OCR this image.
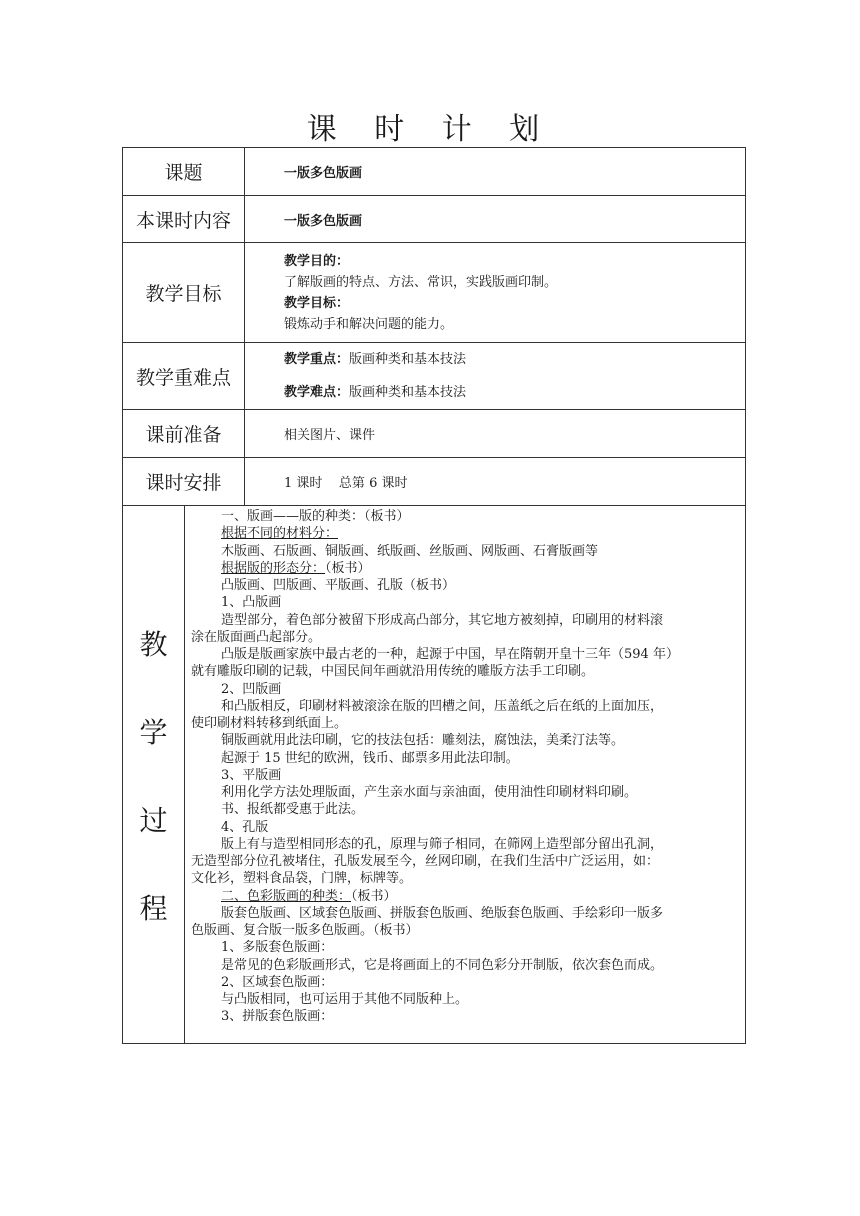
课 时 计 划
课题	一版多色版画
本课时内容	一版多色版画
教学目标	教学目的：
了解版画的特点、方法、常识，实践版画印制。
教学目标：
锻炼动手和解决问题的能力。

教学重难点	教学重点：版画种类和基本技法
教学难点：版画种类和基本技法

课前准备	相关图片、课件
课时安排	1 课时    总第 6 课时
教
学
过
程
一、版画——版的种类：（板书）
根据不同的材料分：
木版画、石版画、铜版画、纸版画、丝版画、网版画、石膏版画等
根据版的形态分：（板书）
凸版画、凹版画、平版画、孔版（板书）
1、凸版画
造型部分，着色部分被留下形成高凸部分，其它地方被刻掉，印刷用的材料滚
涂在版面画凸起部分。
凸版是版画家族中最古老的一种，起源于中国，早在隋朝开皇十三年（594 年）
就有雕版印刷的记载，中国民间年画就沿用传统的雕版方法手工印刷。
2、凹版画
和凸版相反，印刷材料被滚涂在版的凹槽之间，压盖纸之后在纸的上面加压，
使印刷材料转移到纸面上。
铜版画就用此法印刷，它的技法包括：雕刻法，腐蚀法，美柔汀法等。
起源于 15 世纪的欧洲，钱币、邮票多用此法印制。
3、平版画
利用化学方法处理版面，产生亲水面与亲油面，使用油性印刷材料印刷。
书、报纸都受惠于此法。
4、孔版
版上有与造型相同形态的孔，原理与筛子相同，在筛网上造型部分留出孔洞，
无造型部分位孔被堵住，孔版发展至今，丝网印刷，在我们生活中广泛运用，如：
文化衫，塑料食品袋，门牌，标牌等。
二、色彩版画的种类：（板书）
版套色版画、区域套色版画、拼版套色版画、绝版套色版画、手绘彩印一版多
色版画、复合版一版多色版画。（板书）
1、多版套色版画：
是常见的色彩版画形式，它是将画面上的不同色彩分开制版，依次套色而成。
2、区域套色版画：
与凸版相同，也可运用于其他不同版种上。
3、拼版套色版画：
